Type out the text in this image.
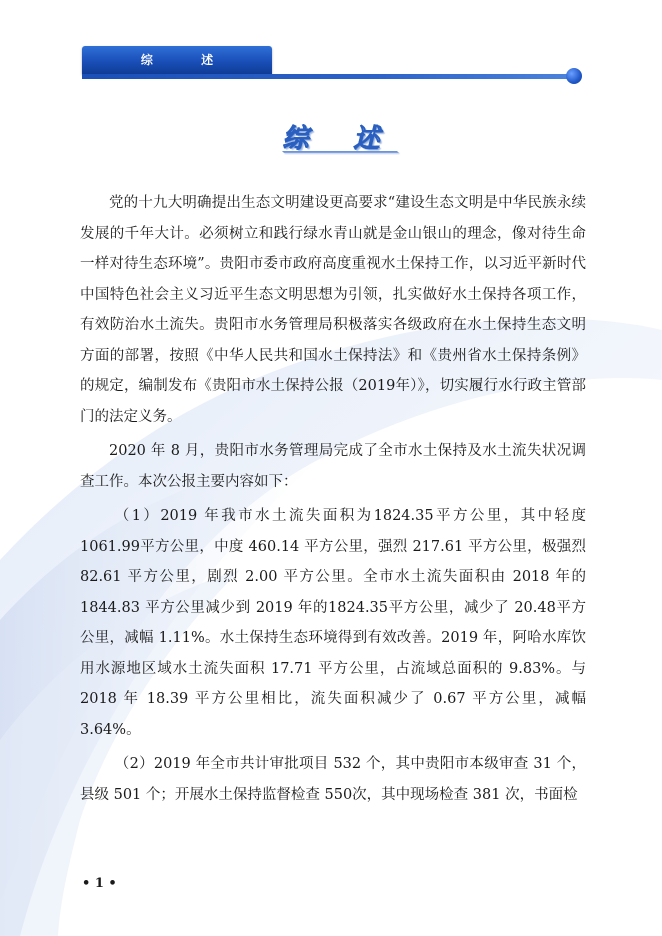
综 述
综 述

党的十九大明确提出生态文明建设更高要求“建设生态文明是中华民族永续发展的千年大计。必须树立和践行绿水青山就是金山银山的理念，像对待生命一样对待生态环境”。贵阳市委市政府高度重视水土保持工作，以习近平新时代中国特色社会主义习近平生态文明思想为引领，扎实做好水土保持各项工作，有效防治水土流失。贵阳市水务管理局积极落实各级政府在水土保持生态文明方面的部署，按照《中华人民共和国水土保持法》和《贵州省水土保持条例》的规定，编制发布《贵阳市水土保持公报（2019年）》，切实履行水行政主管部门的法定义务。

2020 年 8 月，贵阳市水务管理局完成了全市水土保持及水土流失状况调查工作。本次公报主要内容如下：

（1）2019 年我市水土流失面积为1824.35平方公里，其中轻度1061.99平方公里，中度 460.14 平方公里，强烈 217.61 平方公里，极强烈 82.61 平方公里，剧烈 2.00 平方公里。全市水土流失面积由 2018 年的 1844.83 平方公里减少到 2019 年的1824.35平方公里，减少了 20.48平方公里，减幅 1.11%。水土保持生态环境得到有效改善。2019 年，阿哈水库饮用水源地区域水土流失面积 17.71 平方公里，占流域总面积的 9.83%。与 2018 年 18.39 平方公里相比，流失面积减少了 0.67 平方公里，减幅 3.64%。

（2）2019 年全市共计审批项目 532 个，其中贵阳市本级审查 31 个，县级 501 个；开展水土保持监督检查 550次，其中现场检查 381 次，书面检

• 1 •
